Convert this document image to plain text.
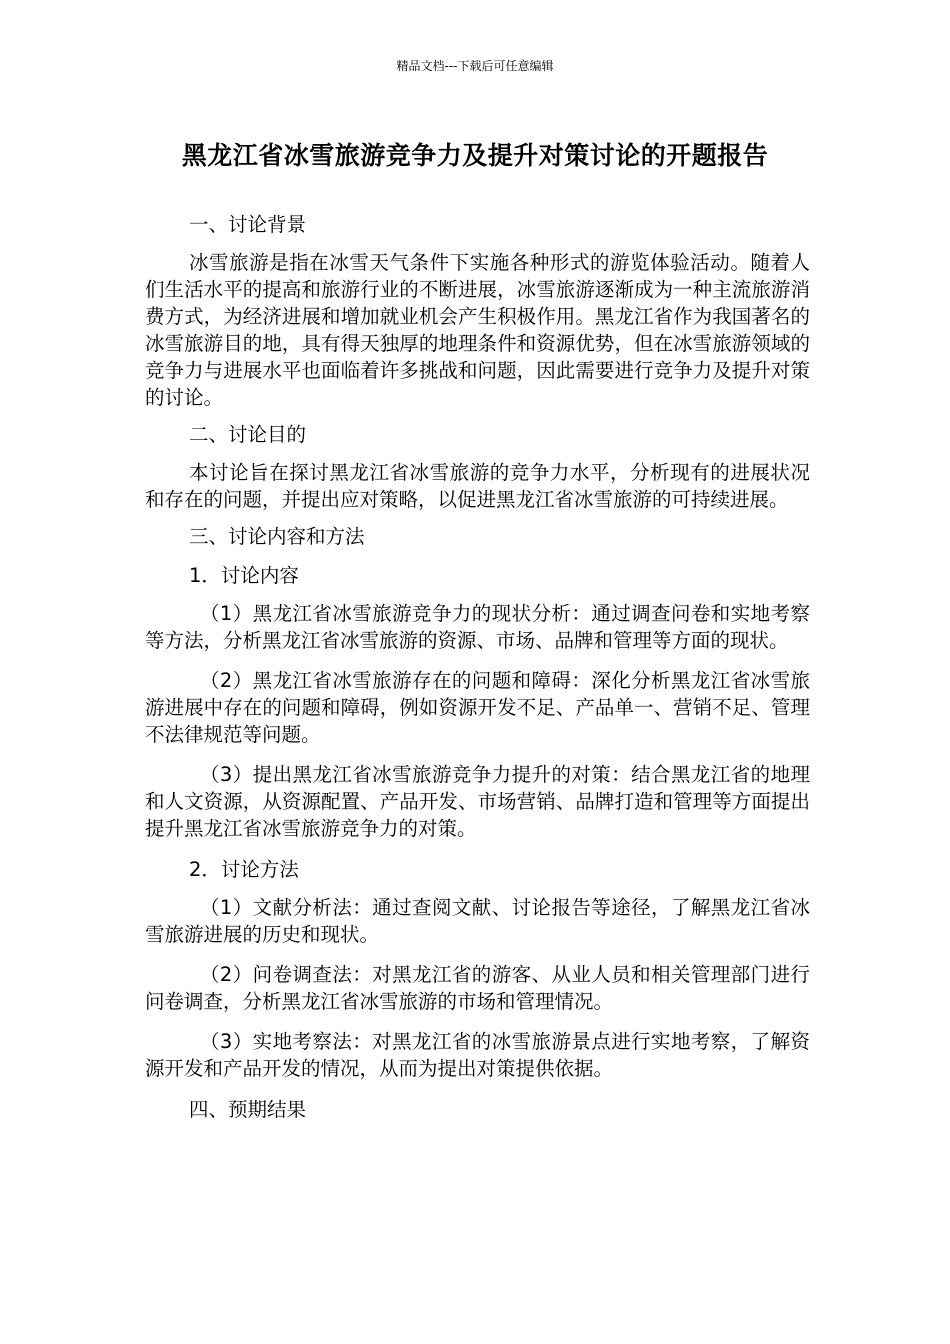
精品文档---下载后可任意编辑
黑龙江省冰雪旅游竞争力及提升对策讨论的开题报告

一、讨论背景

冰雪旅游是指在冰雪天气条件下实施各种形式的游览体验活动。随着人们生活水平的提高和旅游行业的不断进展，冰雪旅游逐渐成为一种主流旅游消费方式，为经济进展和增加就业机会产生积极作用。黑龙江省作为我国著名的冰雪旅游目的地，具有得天独厚的地理条件和资源优势，但在冰雪旅游领域的竞争力与进展水平也面临着许多挑战和问题，因此需要进行竞争力及提升对策的讨论。

二、讨论目的

本讨论旨在探讨黑龙江省冰雪旅游的竞争力水平，分析现有的进展状况和存在的问题，并提出应对策略，以促进黑龙江省冰雪旅游的可持续进展。

三、讨论内容和方法

1．讨论内容

（1）黑龙江省冰雪旅游竞争力的现状分析：通过调查问卷和实地考察等方法，分析黑龙江省冰雪旅游的资源、市场、品牌和管理等方面的现状。

（2）黑龙江省冰雪旅游存在的问题和障碍：深化分析黑龙江省冰雪旅游进展中存在的问题和障碍，例如资源开发不足、产品单一、营销不足、管理不法律规范等问题。

（3）提出黑龙江省冰雪旅游竞争力提升的对策：结合黑龙江省的地理和人文资源，从资源配置、产品开发、市场营销、品牌打造和管理等方面提出提升黑龙江省冰雪旅游竞争力的对策。

2．讨论方法

（1）文献分析法：通过查阅文献、讨论报告等途径，了解黑龙江省冰雪旅游进展的历史和现状。

（2）问卷调查法：对黑龙江省的游客、从业人员和相关管理部门进行问卷调查，分析黑龙江省冰雪旅游的市场和管理情况。

（3）实地考察法：对黑龙江省的冰雪旅游景点进行实地考察，了解资源开发和产品开发的情况，从而为提出对策提供依据。

四、预期结果
